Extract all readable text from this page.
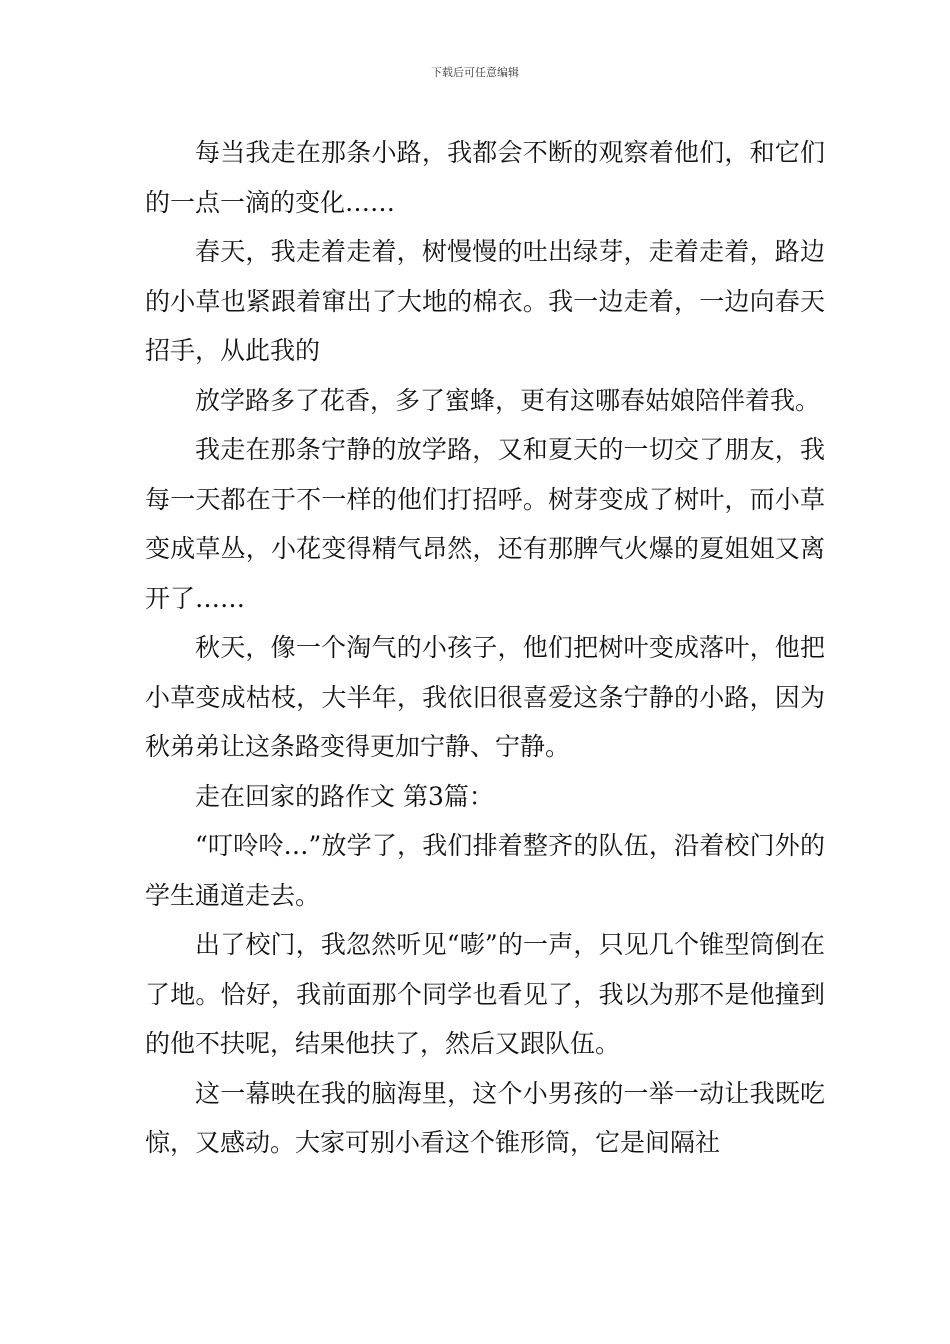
下载后可任意编辑

每当我走在那条小路，我都会不断的观察着他们，和它们的一点一滴的变化……

春天，我走着走着，树慢慢的吐出绿芽，走着走着，路边的小草也紧跟着窜出了大地的棉衣。我一边走着，一边向春天招手，从此我的

放学路多了花香，多了蜜蜂，更有这哪春姑娘陪伴着我。

我走在那条宁静的放学路，又和夏天的一切交了朋友，我每一天都在于不一样的他们打招呼。树芽变成了树叶，而小草变成草丛，小花变得精气昂然，还有那脾气火爆的夏姐姐又离开了……

秋天，像一个淘气的小孩子，他们把树叶变成落叶，他把小草变成枯枝，大半年，我依旧很喜爱这条宁静的小路，因为秋弟弟让这条路变得更加宁静、宁静。

走在回家的路作文 第3篇：

“叮呤呤…”放学了，我们排着整齐的队伍，沿着校门外的学生通道走去。

出了校门，我忽然听见“嘭”的一声，只见几个锥型筒倒在了地。恰好，我前面那个同学也看见了，我以为那不是他撞到的他不扶呢，结果他扶了，然后又跟队伍。

这一幕映在我的脑海里，这个小男孩的一举一动让我既吃惊，又感动。大家可别小看这个锥形筒，它是间隔社
